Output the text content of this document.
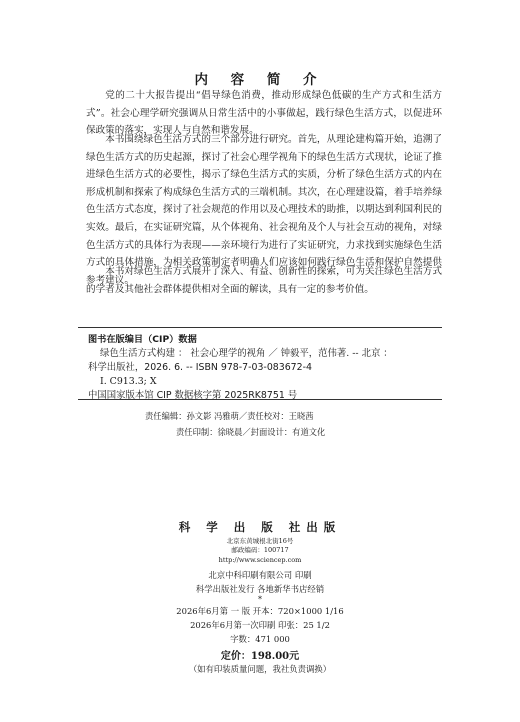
内 容 简 介

党的二十大报告提出“倡导绿色消费，推动形成绿色低碳的生产方式和生活方式”。社会心理学研究强调从日常生活中的小事做起，践行绿色生活方式，以促进环保政策的落实，实现人与自然和谐发展。

本书围绕绿色生活方式的三个部分进行研究。首先，从理论建构篇开始，追溯了绿色生活方式的历史起源，探讨了社会心理学视角下的绿色生活方式现状，论证了推进绿色生活方式的必要性，揭示了绿色生活方式的实质，分析了绿色生活方式的内在形成机制和探索了构成绿色生活方式的三端机制。其次，在心理建设篇，着手培养绿色生活方式态度，探讨了社会规范的作用以及心理技术的助推，以期达到利国利民的实效。最后，在实证研究篇，从个体视角、社会视角及个人与社会互动的视角，对绿色生活方式的具体行为表现——亲环境行为进行了实证研究，力求找到实施绿色生活方式的具体措施，为相关政策制定者明确人们应该如何践行绿色生活和保护自然提供参考建议。

本书对绿色生活方式展开了深入、有益、创新性的探索，可为关注绿色生活方式的学者及其他社会群体提供相对全面的解读，具有一定的参考价值。

图书在版编目（CIP）数据
绿色生活方式构建 ： 社会心理学的视角 ／ 钟毅平，范伟著. -- 北京 ：
科学出版社，2026. 6. -- ISBN 978-7-03-083672-4
Ⅰ. C913.3; X
中国国家版本馆 CIP 数据核字第 2025RK8751 号
责任编辑：孙文影 冯雅萌／责任校对：王晓茜
责任印制：徐晓晨／封面设计：有道文化
科 学 出 版 社出版
北京东黄城根北街16号
邮政编码：100717
http://www.sciencep.com
北京中科印刷有限公司 印刷
科学出版社发行 各地新华书店经销
*
2026年6月第 一 版 开本：720×1000 1/16
2026年6月第一次印刷 印张：25 1/2
字数：471 000
定价：198.00元
（如有印装质量问题，我社负责调换）
